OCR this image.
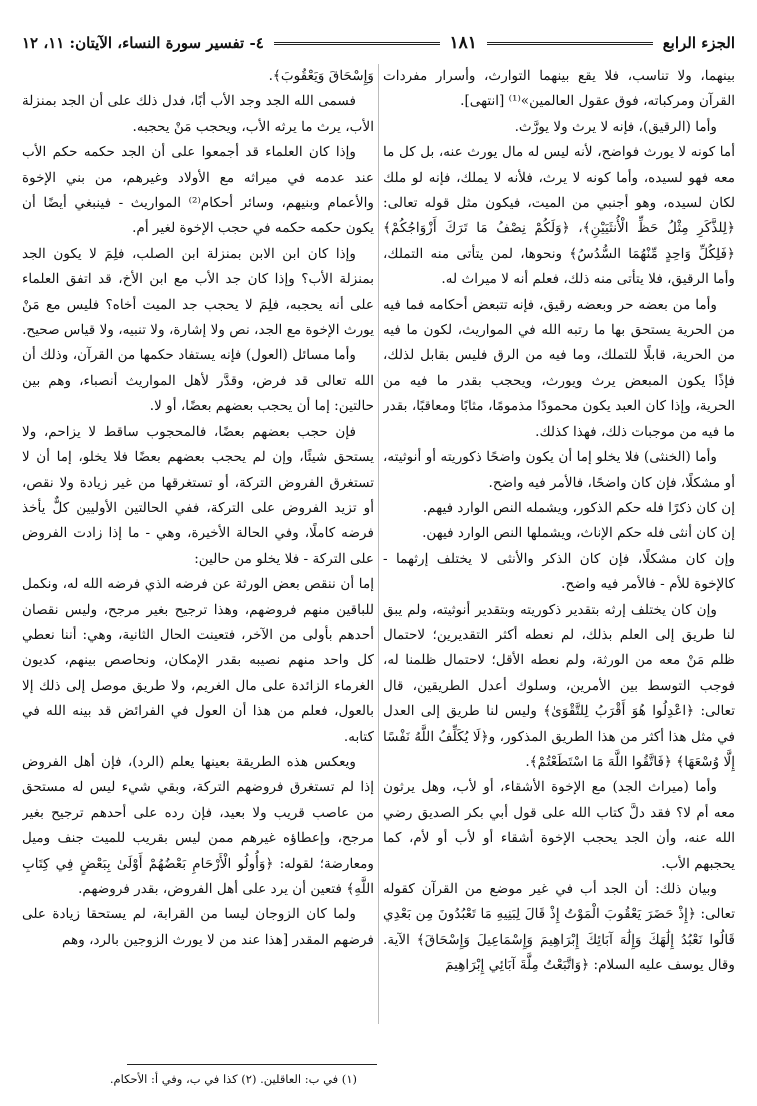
الجزء الرابع
١٨١
٤- تفسير سورة النساء، الآيتان: ١١، ١٢

بينهما، ولا تناسب، فلا يقع بينهما التوارث، وأسرار مفردات القرآن ومركباته، فوق عقول العالمين»⁽¹⁾ [انتهى].

وأما (الرقيق)، فإنه لا يرث ولا يورَّث.

أما كونه لا يورث فواضح، لأنه ليس له مال يورث عنه، بل كل ما معه فهو لسيده، وأما كونه لا يرث، فلأنه لا يملك، فإنه لو ملك لكان لسيده، وهو أجنبي من الميت، فيكون مثل قوله تعالى: ﴿لِلذَّكَرِ مِثْلُ حَظِّ الْأُنثَيَيْنِ﴾، ﴿وَلَكُمْ نِصْفُ مَا تَرَكَ أَزْوَاجُكُمْ﴾ ﴿فَلِكُلِّ وَاحِدٍ مِّنْهُمَا السُّدُسُ﴾ ونحوها، لمن يتأتى منه التملك، وأما الرقيق، فلا يتأتى منه ذلك، فعلم أنه لا ميراث له.

وأما من بعضه حر وبعضه رقيق، فإنه تتبعض أحكامه فما فيه من الحرية يستحق بها ما رتبه الله في المواريث، لكون ما فيه من الحرية، قابلًا للتملك، وما فيه من الرق فليس بقابل لذلك، فإذًا يكون المبعض يرث ويورث، ويحجب بقدر ما فيه من الحرية، وإذا كان العبد يكون محمودًا مذمومًا، مثابًا ومعاقبًا، بقدر ما فيه من موجبات ذلك، فهذا كذلك.

وأما (الخنثى) فلا يخلو إما أن يكون واضحًا ذكوريته أو أنوثيته، أو مشكلًا، فإن كان واضحًا، فالأمر فيه واضح.

إن كان ذكرًا فله حكم الذكور، ويشمله النص الوارد فيهم.

إن كان أنثى فله حكم الإناث، ويشملها النص الوارد فيهن.

وإن كان مشكلًا، فإن كان الذكر والأنثى لا يختلف إرثهما - كالإخوة للأم - فالأمر فيه واضح.

وإن كان يختلف إرثه بتقدير ذكوريته وبتقدير أنوثيته، ولم يبق لنا طريق إلى العلم بذلك، لم نعطه أكثر التقديرين؛ لاحتمال ظلم مَنْ معه من الورثة، ولم نعطه الأقل؛ لاحتمال ظلمنا له، فوجب التوسط بين الأمرين، وسلوك أعدل الطريقين، قال تعالى: ﴿اعْدِلُوا هُوَ أَقْرَبُ لِلتَّقْوَىٰ﴾ وليس لنا طريق إلى العدل في مثل هذا أكثر من هذا الطريق المذكور، و﴿لَا يُكَلِّفُ اللَّهُ نَفْسًا إِلَّا وُسْعَهَا﴾ ﴿فَاتَّقُوا اللَّهَ مَا اسْتَطَعْتُمْ﴾.

وأما (ميراث الجد) مع الإخوة الأشقاء، أو لأب، وهل يرثون معه أم لا؟ فقد دلَّ كتاب الله على قول أبي بكر الصديق رضي الله عنه، وأن الجد يحجب الإخوة أشقاء أو لأب أو لأم، كما يحجبهم الأب.

وبيان ذلك: أن الجد أب في غير موضع من القرآن كقوله تعالى: ﴿إِذْ حَضَرَ يَعْقُوبَ الْمَوْتُ إِذْ قَالَ لِبَنِيهِ مَا تَعْبُدُونَ مِن بَعْدِي قَالُوا نَعْبُدُ إِلَٰهَكَ وَإِلَٰهَ آبَائِكَ إِبْرَاهِيمَ وَإِسْمَاعِيلَ وَإِسْحَاقَ﴾ الآية. وقال يوسف عليه السلام: ﴿وَاتَّبَعْتُ مِلَّةَ آبَائِي إِبْرَاهِيمَ

وَإِسْحَاقَ وَيَعْقُوبَ﴾.

فسمى الله الجد وجد الأب أبًا، فدل ذلك على أن الجد بمنزلة الأب، يرث ما يرثه الأب، ويحجب مَنْ يحجبه.

وإذا كان العلماء قد أجمعوا على أن الجد حكمه حكم الأب عند عدمه في ميراثه مع الأولاد وغيرهم، من بني الإخوة والأعمام وبنيهم، وسائر أحكام⁽²⁾ المواريث - فينبغي أيضًا أن يكون حكمه حكمه في حجب الإخوة لغير أم.

وإذا كان ابن الابن بمنزلة ابن الصلب، فلِمَ لا يكون الجد بمنزلة الأب؟ وإذا كان جد الأب مع ابن الأخ، قد اتفق العلماء على أنه يحجبه، فلِمَ لا يحجب جد الميت أخاه؟ فليس مع مَنْ يورث الإخوة مع الجد، نص ولا إشارة، ولا تنبيه، ولا قياس صحيح.

وأما مسائل (العول) فإنه يستفاد حكمها من القرآن، وذلك أن الله تعالى قد فرض، وقدَّر لأهل المواريث أنصباء، وهم بين حالتين: إما أن يحجب بعضهم بعضًا، أو لا.

فإن حجب بعضهم بعضًا، فالمحجوب ساقط لا يزاحم، ولا يستحق شيئًا، وإن لم يحجب بعضهم بعضًا فلا يخلو، إما أن لا تستغرق الفروض التركة، أو تستغرقها من غير زيادة ولا نقص، أو تزيد الفروض على التركة، ففي الحالتين الأوليين كلٌّ يأخذ فرضه كاملًا، وفي الحالة الأخيرة، وهي - ما إذا زادت الفروض على التركة - فلا يخلو من حالين:

إما أن ننقص بعض الورثة عن فرضه الذي فرضه الله له، ونكمل للباقين منهم فروضهم، وهذا ترجيح بغير مرجح، وليس نقصان أحدهم بأولى من الآخر، فتعينت الحال الثانية، وهي: أننا نعطي كل واحد منهم نصيبه بقدر الإمكان، ونحاصص بينهم، كديون الغرماء الزائدة على مال الغريم، ولا طريق موصل إلى ذلك إلا بالعول، فعلم من هذا أن العول في الفرائض قد بينه الله في كتابه.

ويعكس هذه الطريقة بعينها يعلم (الرد)، فإن أهل الفروض إذا لم تستغرق فروضهم التركة، وبقي شيء ليس له مستحق من عاصب قريب ولا بعيد، فإن رده على أحدهم ترجيح بغير مرجح، وإعطاؤه غيرهم ممن ليس بقريب للميت جنف وميل ومعارضة؛ لقوله: ﴿وَأُولُو الْأَرْحَامِ بَعْضُهُمْ أَوْلَىٰ بِبَعْضٍ فِي كِتَابِ اللَّهِ﴾ فتعين أن يرد على أهل الفروض، بقدر فروضهم.

ولما كان الزوجان ليسا من القرابة، لم يستحقا زيادة على فرضهم المقدر [هذا عند من لا يورث الزوجين بالرد، وهم

(١) في ب: العاقلين. (٢) كذا في ب، وفي أ: الأحكام.
